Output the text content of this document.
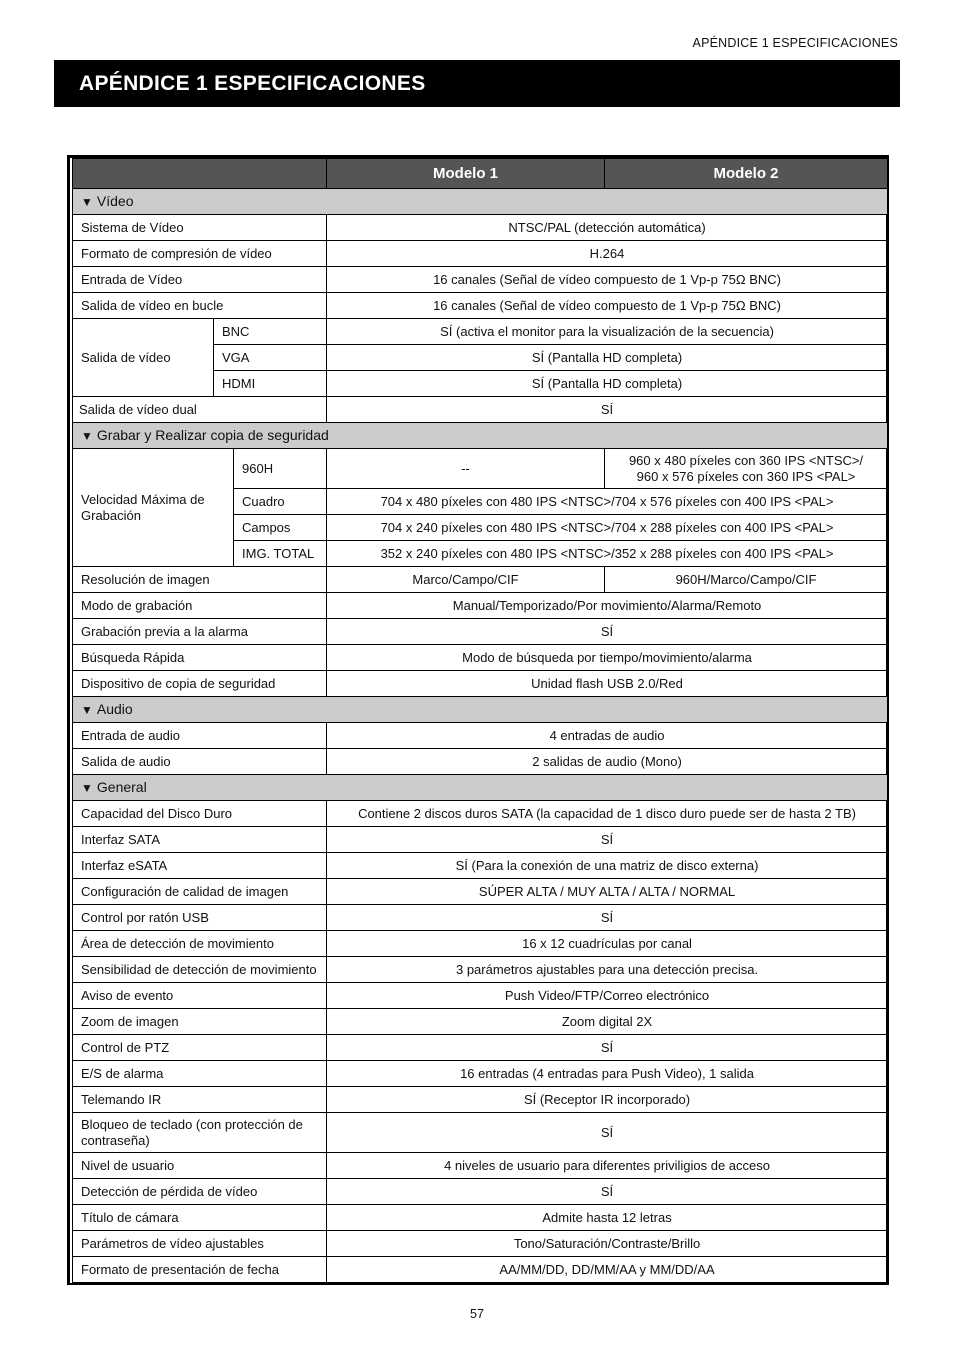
APÉNDICE 1 ESPECIFICACIONES
APÉNDICE 1 ESPECIFICACIONES
			Modelo 1	Modelo 2
▼ Vídeo				
Sistema de Vídeo			NTSC/PAL (detección automática)	
Formato de compresión de vídeo			H.264	
Entrada de Vídeo			16 canales (Señal de vídeo compuesto de 1 Vp-p 75Ω BNC)	
Salida de vídeo en bucle			16 canales (Señal de vídeo compuesto de 1 Vp-p 75Ω BNC)	
Salida de vídeo	BNC		SÍ (activa el monitor para la visualización de la secuencia)	
	VGA		SÍ (Pantalla HD completa)	
	HDMI		SÍ (Pantalla HD completa)	
Salida de vídeo dual			SÍ	
▼ Grabar y Realizar copia de seguridad				
Velocidad Máxima de Grabación		960H	--	960 x 480 píxeles con 360 IPS <NTSC>/
960 x 576 píxeles con 360 IPS <PAL>
		Cuadro	704 x 480 píxeles con 480 IPS <NTSC>/704 x 576 píxeles con 400 IPS <PAL>	
		Campos	704 x 240 píxeles con 480 IPS <NTSC>/704 x 288 píxeles con 400 IPS <PAL>	
		IMG. TOTAL	352 x 240 píxeles con 480 IPS <NTSC>/352 x 288 píxeles con 400 IPS <PAL>	
Resolución de imagen			Marco/Campo/CIF	960H/Marco/Campo/CIF
Modo de grabación			Manual/Temporizado/Por movimiento/Alarma/Remoto	
Grabación previa a la alarma			SÍ	
Búsqueda Rápida			Modo de búsqueda por tiempo/movimiento/alarma	
Dispositivo de copia de seguridad			Unidad flash USB 2.0/Red	
▼ Audio				
Entrada de audio			4 entradas de audio	
Salida de audio			2 salidas de audio (Mono)	
▼ General				
Capacidad del Disco Duro			Contiene 2 discos duros SATA (la capacidad de 1 disco duro puede ser de hasta 2 TB)	
Interfaz SATA			SÍ	
Interfaz eSATA			SÍ (Para la conexión de una matriz de disco externa)	
Configuración de calidad de imagen			SÚPER ALTA / MUY ALTA / ALTA / NORMAL	
Control por ratón USB			SÍ	
Área de detección de movimiento			16 x 12 cuadrículas por canal	
Sensibilidad de detección de movimiento			3 parámetros ajustables para una detección precisa.	
Aviso de evento			Push Video/FTP/Correo electrónico	
Zoom de imagen			Zoom digital 2X	
Control de PTZ			SÍ	
E/S de alarma			16 entradas (4 entradas para Push Video), 1 salida	
Telemando IR			SÍ (Receptor IR incorporado)	
Bloqueo de teclado (con protección de contraseña)			SÍ	
Nivel de usuario			4 niveles de usuario para diferentes priviligios de acceso	
Detección de pérdida de vídeo			SÍ	
Título de cámara			Admite hasta 12 letras	
Parámetros de vídeo ajustables			Tono/Saturación/Contraste/Brillo	
Formato de presentación de fecha			AA/MM/DD, DD/MM/AA y MM/DD/AA	
57
